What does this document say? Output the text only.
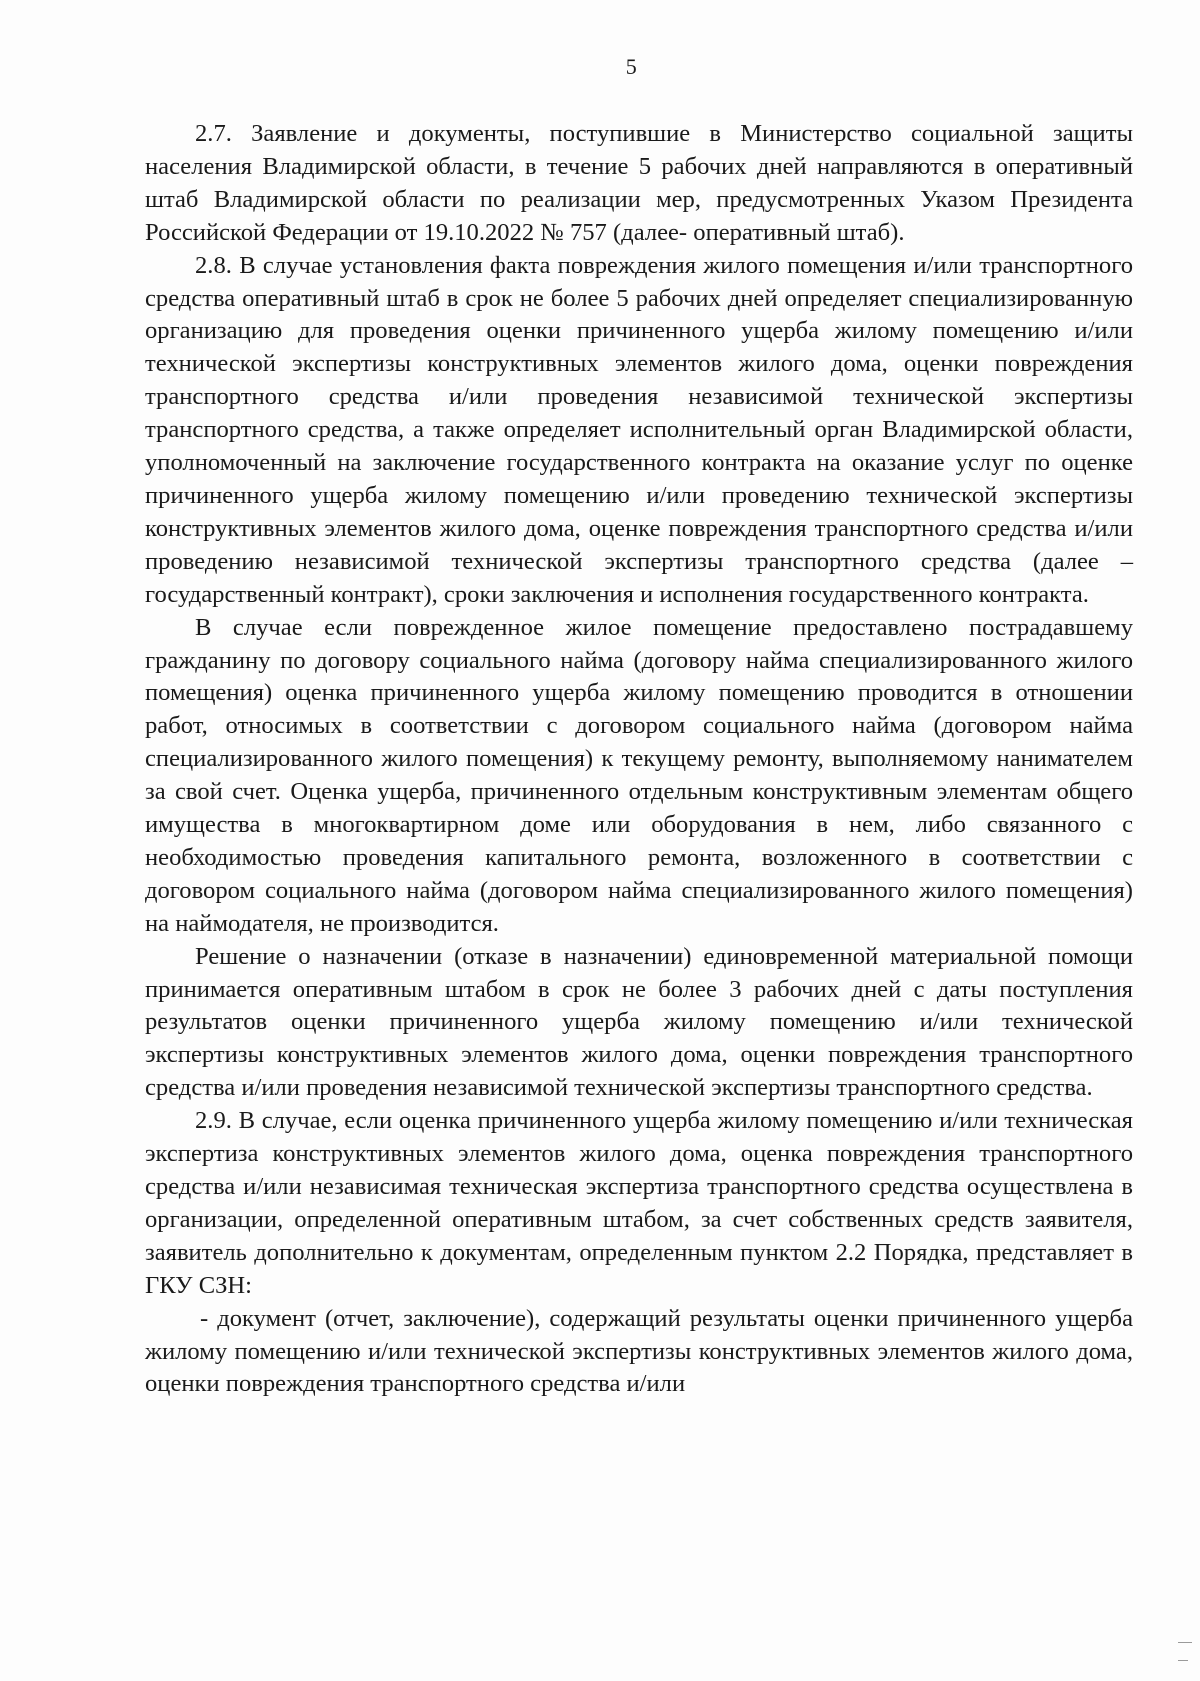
5

2.7. Заявление и документы, поступившие в Министерство социальной защиты населения Владимирской области, в течение 5 рабочих дней направляются в оперативный штаб Владимирской области по реализации мер, предусмотренных Указом Президента Российской Федерации от 19.10.2022 № 757 (далее- оперативный штаб).

2.8. В случае установления факта повреждения жилого помещения и/или транспортного средства оперативный штаб в срок не более 5 рабочих дней определяет специализированную организацию для проведения оценки причиненного ущерба жилому помещению и/или технической экспертизы конструктивных элементов жилого дома, оценки повреждения транспортного средства и/или проведения независимой технической экспертизы транспортного средства, а также определяет исполнительный орган Владимирской области, уполномоченный на заключение государственного контракта на оказание услуг по оценке причиненного ущерба жилому помещению и/или проведению технической экспертизы конструктивных элементов жилого дома, оценке повреждения транспортного средства и/или проведению независимой технической экспертизы транспортного средства (далее – государственный контракт), сроки заключения и исполнения государственного контракта.

В случае если поврежденное жилое помещение предоставлено пострадавшему гражданину по договору социального найма (договору найма специализированного жилого помещения) оценка причиненного ущерба жилому помещению проводится в отношении работ, относимых в соответствии с договором социального найма (договором найма специализированного жилого помещения) к текущему ремонту, выполняемому нанимателем за свой счет. Оценка ущерба, причиненного отдельным конструктивным элементам общего имущества в многоквартирном доме или оборудования в нем, либо связанного с необходимостью проведения капитального ремонта, возложенного в соответствии с договором социального найма (договором найма специализированного жилого помещения) на наймодателя, не производится.

Решение о назначении (отказе в назначении) единовременной материальной помощи принимается оперативным штабом в срок не более 3 рабочих дней с даты поступления результатов оценки причиненного ущерба жилому помещению и/или технической экспертизы конструктивных элементов жилого дома, оценки повреждения транспортного средства и/или проведения независимой технической экспертизы транспортного средства.

2.9. В случае, если оценка причиненного ущерба жилому помещению и/или техническая экспертиза конструктивных элементов жилого дома, оценка повреждения транспортного средства и/или независимая техническая экспертиза транспортного средства осуществлена в организации, определенной оперативным штабом, за счет собственных средств заявителя, заявитель дополнительно к документам, определенным пунктом 2.2 Порядка, представляет в ГКУ СЗН:

- документ (отчет, заключение), содержащий результаты оценки причиненного ущерба жилому помещению и/или технической экспертизы конструктивных элементов жилого дома, оценки повреждения транспортного средства и/или
